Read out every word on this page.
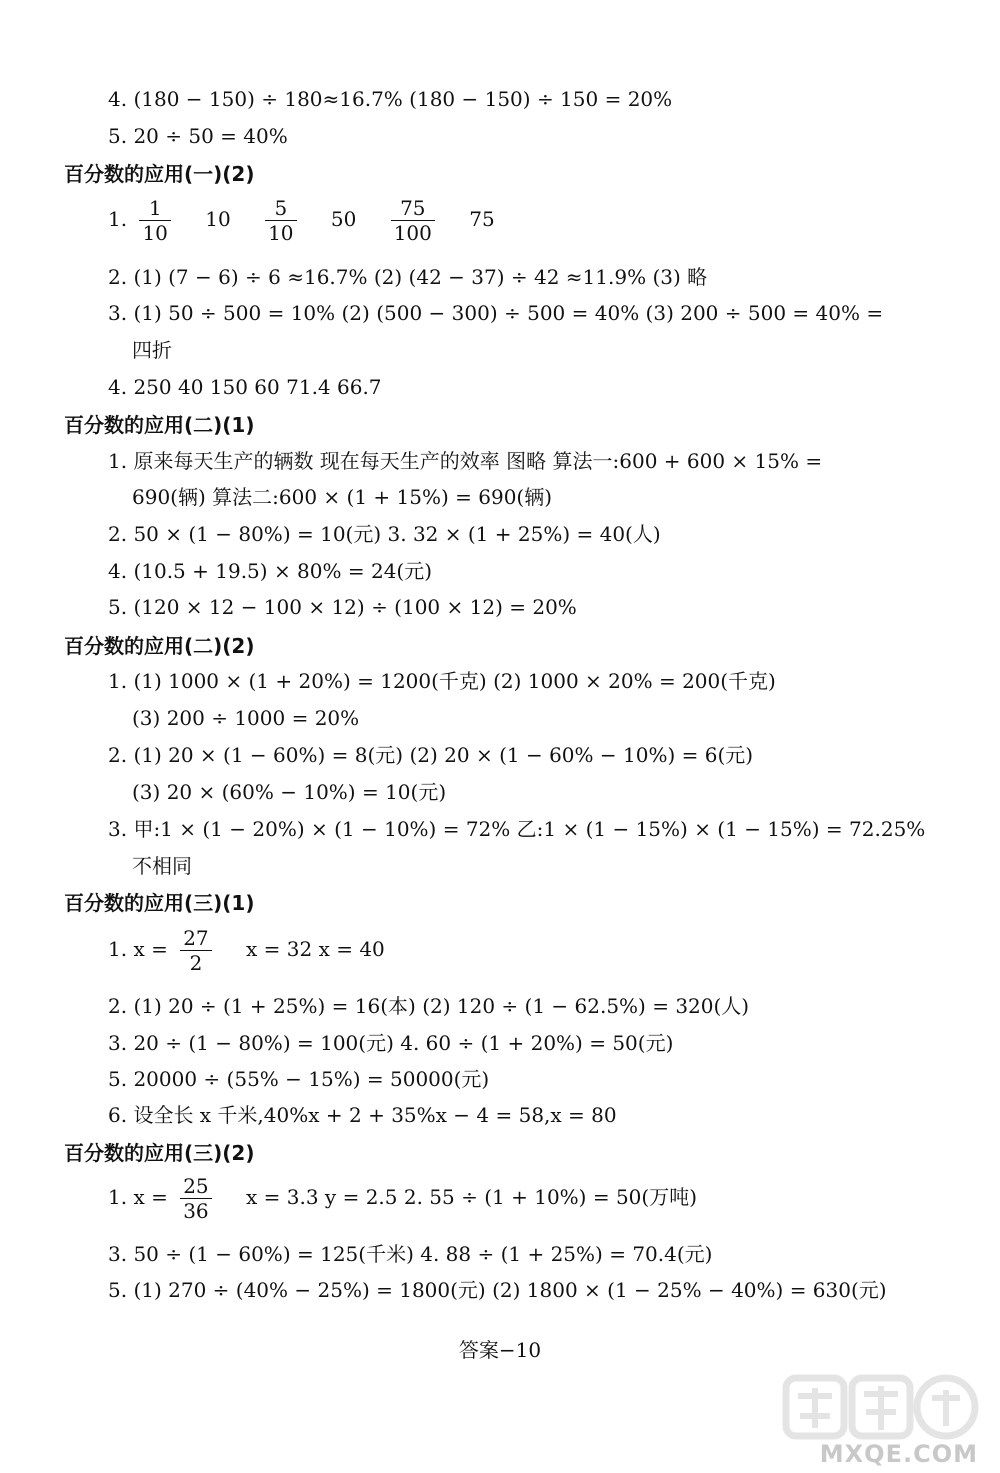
4. (180 − 150) ÷ 180≈16.7% (180 − 150) ÷ 150 = 20%
5. 20 ÷ 50 = 40%
百分数的应用(一)(2)
1. $\frac{1}{10} 10 \frac{5}{10} 50 \frac{75}{100} 75$
2. (1) (7 − 6) ÷ 6 ≈16.7% (2) (42 − 37) ÷ 42 ≈11.9% (3) 略
3. (1) 50 ÷ 500 = 10% (2) (500 − 300) ÷ 500 = 40% (3) 200 ÷ 500 = 40% =
四折
4. 250 40 150 60 71.4 66.7
百分数的应用(二)(1)
1. 原来每天生产的辆数 现在每天生产的效率 图略 算法一:600 + 600 × 15% =
690(辆) 算法二:600 × (1 + 15%) = 690(辆)
2. 50 × (1 − 80%) = 10(元) 3. 32 × (1 + 25%) = 40(人)
4. (10.5 + 19.5) × 80% = 24(元)
5. (120 × 12 − 100 × 12) ÷ (100 × 12) = 20%
百分数的应用(二)(2)
1. (1) 1000 × (1 + 20%) = 1200(千克) (2) 1000 × 20% = 200(千克)
(3) 200 ÷ 1000 = 20%
2. (1) 20 × (1 − 60%) = 8(元) (2) 20 × (1 − 60% − 10%) = 6(元)
(3) 20 × (60% − 10%) = 10(元)
3. 甲:1 × (1 − 20%) × (1 − 10%) = 72% 乙:1 × (1 − 15%) × (1 − 15%) = 72.25%
不相同
百分数的应用(三)(1)
1. $x = \frac{27}{2}$ x = 32 x = 40
2. (1) 20 ÷ (1 + 25%) = 16(本) (2) 120 ÷ (1 − 62.5%) = 320(人)
3. 20 ÷ (1 − 80%) = 100(元) 4. 60 ÷ (1 + 20%) = 50(元)
5. 20000 ÷ (55% − 15%) = 50000(元)
6. 设全长 x 千米,40%x + 2 + 35%x − 4 = 58,x = 80
百分数的应用(三)(2)
1. $x = \frac{25}{36}$ x = 3.3 y = 2.5 2. 55 ÷ (1 + 10%) = 50(万吨)
3. 50 ÷ (1 − 60%) = 125(千米) 4. 88 ÷ (1 + 25%) = 70.4(元)
5. (1) 270 ÷ (40% − 25%) = 1800(元) (2) 1800 × (1 − 25% − 40%) = 630(元)
答案−10
MXQE.COM
